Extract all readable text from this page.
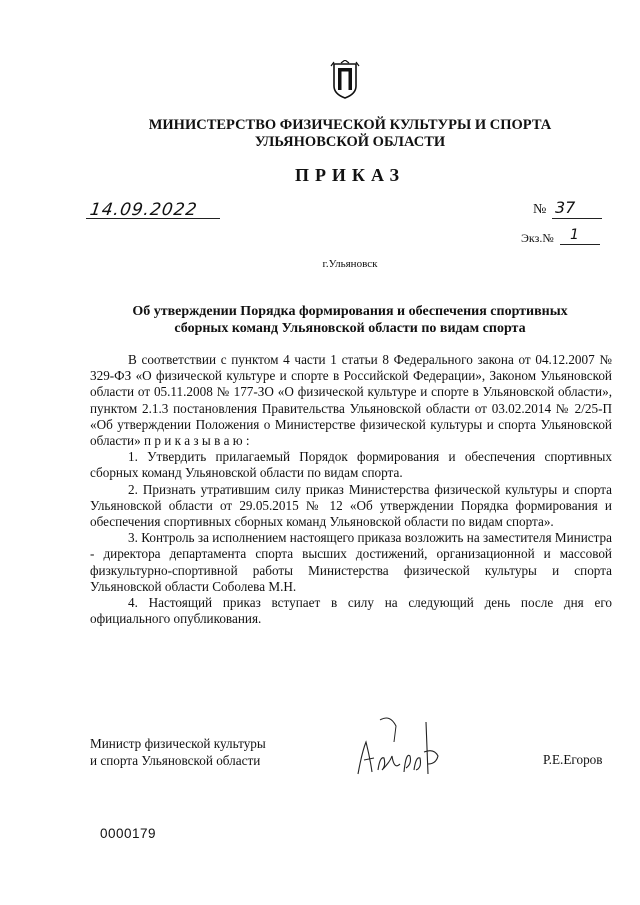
МИНИСТЕРСТВО ФИЗИЧЕСКОЙ КУЛЬТУРЫ И СПОРТА
УЛЬЯНОВСКОЙ ОБЛАСТИ
ПРИКАЗ
14.09.2022	№ 37
Экз.№ 1
г.Ульяновск
Об утверждении Порядка формирования и обеспечения спортивных
сборных команд Ульяновской области по видам спорта

В соответствии с пунктом 4 части 1 статьи 8 Федерального закона от 04.12.2007 № 329-ФЗ «О физической культуре и спорте в Российской Федерации», Законом Ульяновской области от 05.11.2008 № 177-ЗО «О физической культуре и спорте в Ульяновской области», пунктом 2.1.3 постановления Правительства Ульяновской области от 03.02.2014 № 2/25-П «Об утверждении Положения о Министерстве физической культуры и спорта Ульяновской области» п р и к а з ы в а ю :

1. Утвердить прилагаемый Порядок формирования и обеспечения спортивных сборных команд Ульяновской области по видам спорта.

2. Признать утратившим силу приказ Министерства физической культуры и спорта Ульяновской области от 29.05.2015 № 12 «Об утверждении Порядка формирования и обеспечения спортивных сборных команд Ульяновской области по видам спорта».

3. Контроль за исполнением настоящего приказа возложить на заместителя Министра - директора департамента спорта высших достижений, организационной и массовой физкультурно-спортивной работы Министерства физической культуры и спорта Ульяновской области Соболева М.Н.

4. Настоящий приказ вступает в силу на следующий день после дня его официального опубликования.

Министр физической культуры
и спорта Ульяновской области	Р.Е.Егоров
0000179
